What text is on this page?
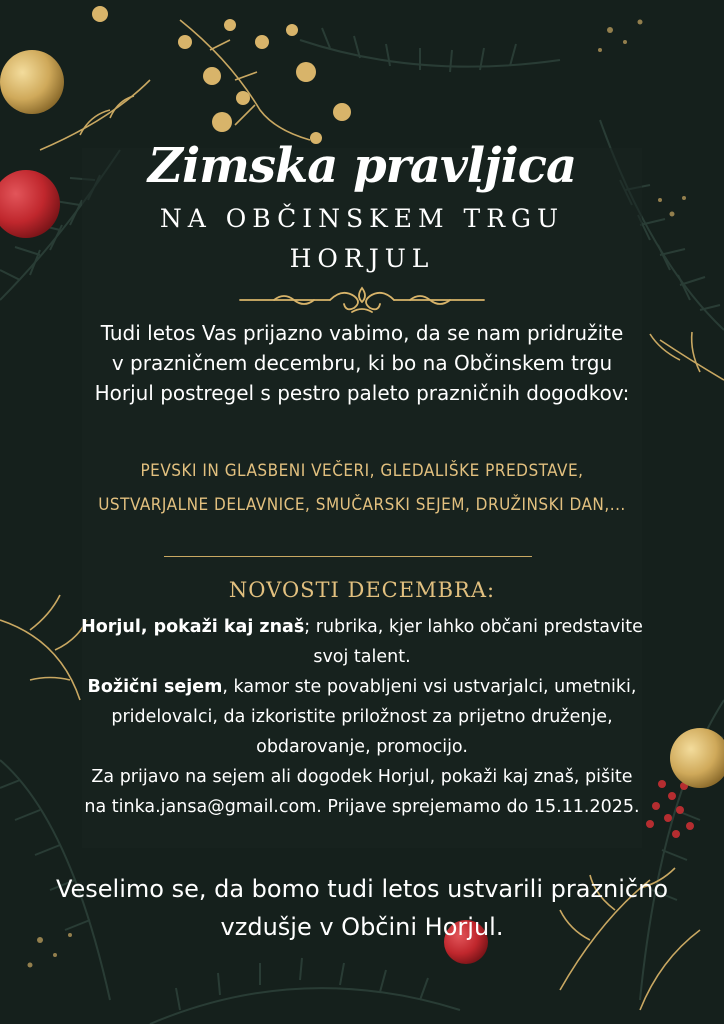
Zimska pravljica
NA OBČINSKEM TRGU
HORJUL
Tudi letos Vas prijazno vabimo, da se nam pridružite v prazničnem decembru, ki bo na Občinskem trgu Horjul postregel s pestro paleto prazničnih dogodkov:
PEVSKI IN GLASBENI VEČERI, GLEDALIŠKE PREDSTAVE, USTVARJALNE DELAVNICE, SMUČARSKI SEJEM, DRUŽINSKI DAN,...
NOVOSTI DECEMBRA:
Horjul, pokaži kaj znaš; rubrika, kjer lahko občani predstavite svoj talent.
Božični sejem, kamor ste povabljeni vsi ustvarjalci, umetniki, pridelovalci, da izkoristite priložnost za prijetno druženje, obdarovanje, promocijo.
Za prijavo na sejem ali dogodek Horjul, pokaži kaj znaš, pišite na tinka.jansa@gmail.com. Prijave sprejemamo do 15.11.2025.
Veselimo se, da bomo tudi letos ustvarili praznično vzdušje v Občini Horjul.
